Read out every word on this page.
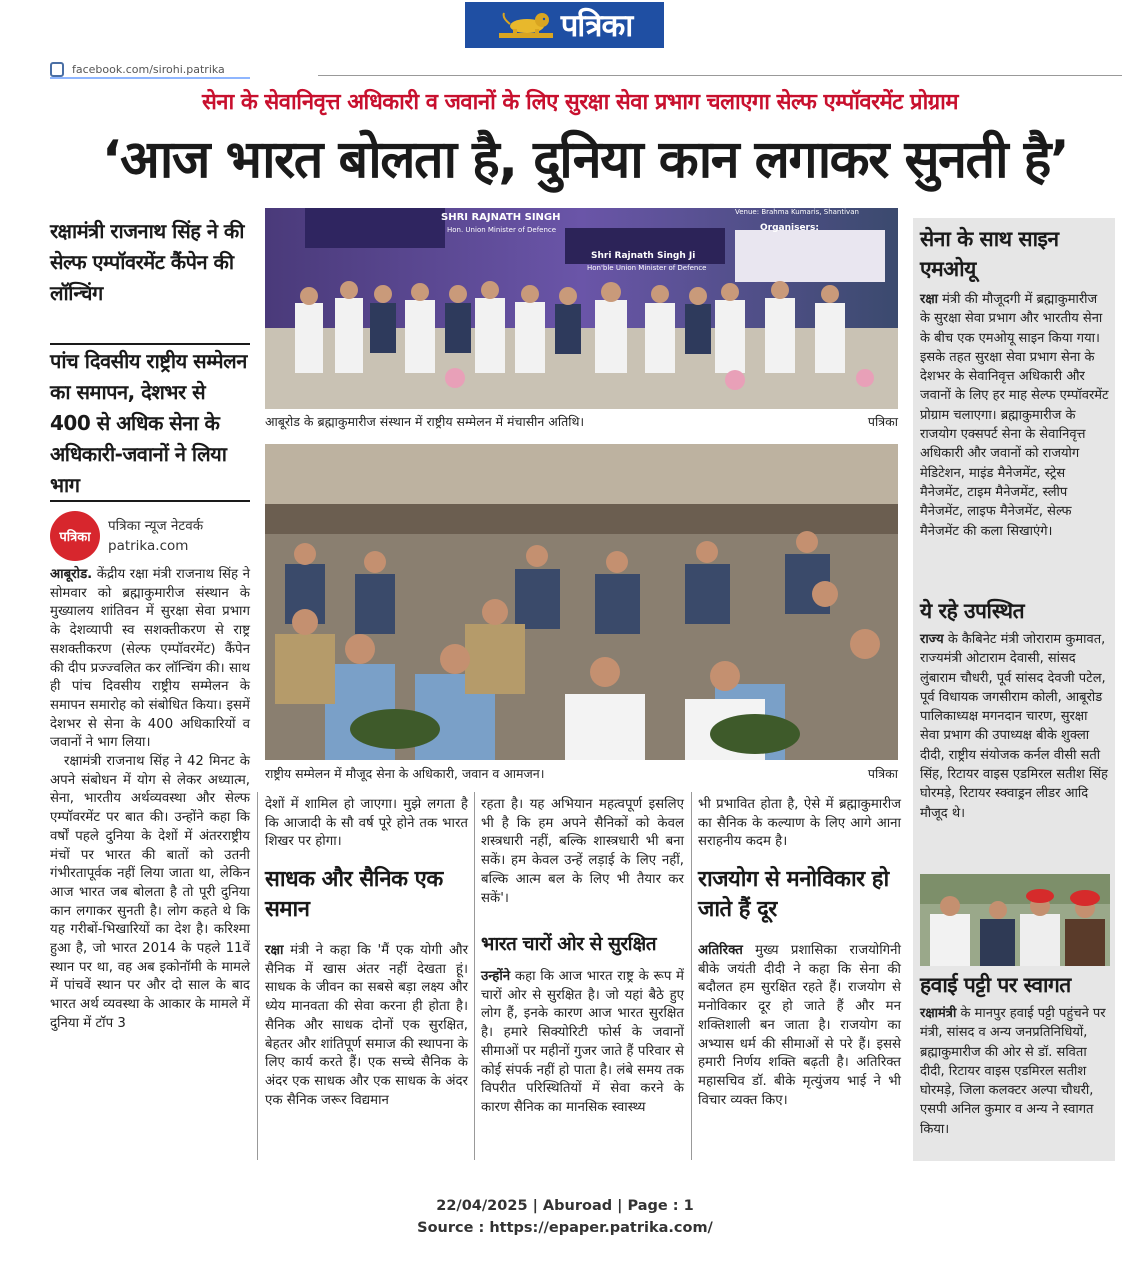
पत्रिका
facebook.com/sirohi.patrika
सेना के सेवानिवृत्त अधिकारी व जवानों के लिए सुरक्षा सेवा प्रभाग चलाएगा सेल्फ एम्पॉवरमेंट प्रोग्राम
‘आज भारत बोलता है, दुनिया कान लगाकर सुनती है’
रक्षामंत्री राजनाथ सिंह ने की सेल्फ एम्पॉवरमेंट कैंपेन की लॉन्चिंग
पांच दिवसीय राष्ट्रीय सम्मेलन का समापन, देशभर से 400 से अधिक सेना के अधिकारी-जवानों ने लिया भाग
पत्रिका
पत्रिका न्यूज नेटवर्क
patrika.com

आबूरोड. केंद्रीय रक्षा मंत्री राजनाथ सिंह ने सोमवार को ब्रह्माकुमारीज संस्थान के मुख्यालय शांतिवन में सुरक्षा सेवा प्रभाग के देशव्यापी स्व सशक्तीकरण से राष्ट्र सशक्तीकरण (सेल्फ एम्पॉवरमेंट) कैंपेन की दीप प्रज्ज्वलित कर लॉन्चिंग की। साथ ही पांच दिवसीय राष्ट्रीय सम्मेलन के समापन समारोह को संबोधित किया। इसमें देशभर से सेना के 400 अधिकारियों व जवानों ने भाग लिया।

रक्षामंत्री राजनाथ सिंह ने 42 मिनट के अपने संबोधन में योग से लेकर अध्यात्म, सेना, भारतीय अर्थव्यवस्था और सेल्फ एम्पॉवरमेंट पर बात की। उन्होंने कहा कि वर्षों पहले दुनिया के देशों में अंतरराष्ट्रीय मंचों पर भारत की बातों को उतनी गंभीरतापूर्वक नहीं लिया जाता था, लेकिन आज भारत जब बोलता है तो पूरी दुनिया कान लगाकर सुनती है। लोग कहते थे कि यह गरीबों-भिखारियों का देश है। करिश्मा हुआ है, जो भारत 2014 के पहले 11वें स्थान पर था, वह अब इकोनॉमी के मामले में पांचवें स्थान पर और दो साल के बाद भारत अर्थ व्यवस्था के आकार के मामले में दुनिया में टॉप 3

SHRI RAJNATH SINGH
Hon. Union Minister of Defence
Shri Rajnath Singh Ji
Hon'ble Union Minister of Defence
Venue: Brahma Kumaris, Shantivan
Organisers:
आबूरोड के ब्रह्माकुमारीज संस्थान में राष्ट्रीय सम्मेलन में मंचासीन अतिथि।	पत्रिका
राष्ट्रीय सम्मेलन में मौजूद सेना के अधिकारी, जवान व आमजन।	पत्रिका
देशों में शामिल हो जाएगा। मुझे लगता है कि आजादी के सौ वर्ष पूरे होने तक भारत शिखर पर होगा।
साधक और सैनिक एक समान
रक्षा मंत्री ने कहा कि 'मैं एक योगी और सैनिक में खास अंतर नहीं देखता हूं। साधक के जीवन का सबसे बड़ा लक्ष्य और ध्येय मानवता की सेवा करना ही होता है। सैनिक और साधक दोनों एक सुरक्षित, बेहतर और शांतिपूर्ण समाज की स्थापना के लिए कार्य करते हैं। एक सच्चे सैनिक के अंदर एक साधक और एक साधक के अंदर एक सैनिक जरूर विद्यमान
रहता है। यह अभियान महत्वपूर्ण इसलिए भी है कि हम अपने सैनिकों को केवल शस्त्रधारी नहीं, बल्कि शास्त्रधारी भी बना सकें। हम केवल उन्हें लड़ाई के लिए नहीं, बल्कि आत्म बल के लिए भी तैयार कर सकें'।
भारत चारों ओर से सुरक्षित
उन्होंने कहा कि आज भारत राष्ट्र के रूप में चारों ओर से सुरक्षित है। जो यहां बैठे हुए लोग हैं, इनके कारण आज भारत सुरक्षित है। हमारे सिक्योरिटी फोर्स के जवानों सीमाओं पर महीनों गुजर जाते हैं परिवार से कोई संपर्क नहीं हो पाता है। लंबे समय तक विपरीत परिस्थितियों में सेवा करने के कारण सैनिक का मानसिक स्वास्थ्य
भी प्रभावित होता है, ऐसे में ब्रह्माकुमारीज का सैनिक के कल्याण के लिए आगे आना सराहनीय कदम है।
राजयोग से मनोविकार हो जाते हैं दूर
अतिरिक्त मुख्य प्रशासिका राजयोगिनी बीके जयंती दीदी ने कहा कि सेना की बदौलत हम सुरक्षित रहते हैं। राजयोग से मनोविकार दूर हो जाते हैं और मन शक्तिशाली बन जाता है। राजयोग का अभ्यास धर्म की सीमाओं से परे हैं। इससे हमारी निर्णय शक्ति बढ़ती है। अतिरिक्त महासचिव डॉ. बीके मृत्युंजय भाई ने भी विचार व्यक्त किए।
सेना के साथ साइन एमओयू
रक्षा मंत्री की मौजूदगी में ब्रह्माकुमारीज के सुरक्षा सेवा प्रभाग और भारतीय सेना के बीच एक एमओयू साइन किया गया। इसके तहत सुरक्षा सेवा प्रभाग सेना के देशभर के सेवानिवृत्त अधिकारी और जवानों के लिए हर माह सेल्फ एम्पॉवरमेंट प्रोग्राम चलाएगा। ब्रह्माकुमारीज के राजयोग एक्सपर्ट सेना के सेवानिवृत्त अधिकारी और जवानों को राजयोग मेडिटेशन, माइंड मैनेजमेंट, स्ट्रेस मैनेजमेंट, टाइम मैनेजमेंट, स्लीप मैनेजमेंट, लाइफ मैनेजमेंट, सेल्फ मैनेजमेंट की कला सिखाएंगे।
ये रहे उपस्थित
राज्य के कैबिनेट मंत्री जोराराम कुमावत, राज्यमंत्री ओटाराम देवासी, सांसद लुंबाराम चौधरी, पूर्व सांसद देवजी पटेल, पूर्व विधायक जगसीराम कोली, आबूरोड पालिकाध्यक्ष मगनदान चारण, सुरक्षा सेवा प्रभाग की उपाध्यक्ष बीके शुक्ला दीदी, राष्ट्रीय संयोजक कर्नल वीसी सती सिंह, रिटायर वाइस एडमिरल सतीश सिंह घोरमड़े, रिटायर स्क्वाड्रन लीडर आदि मौजूद थे।
हवाई पट्टी पर स्वागत
रक्षामंत्री के मानपुर हवाई पट्टी पहुंचने पर मंत्री, सांसद व अन्य जनप्रतिनिधियों, ब्रह्माकुमारीज की ओर से डॉ. सविता दीदी, रिटायर वाइस एडमिरल सतीश घोरमड़े, जिला कलक्टर अल्पा चौधरी, एसपी अनिल कुमार व अन्य ने स्वागत किया।
22/04/2025 | Aburoad | Page : 1
Source : https://epaper.patrika.com/
